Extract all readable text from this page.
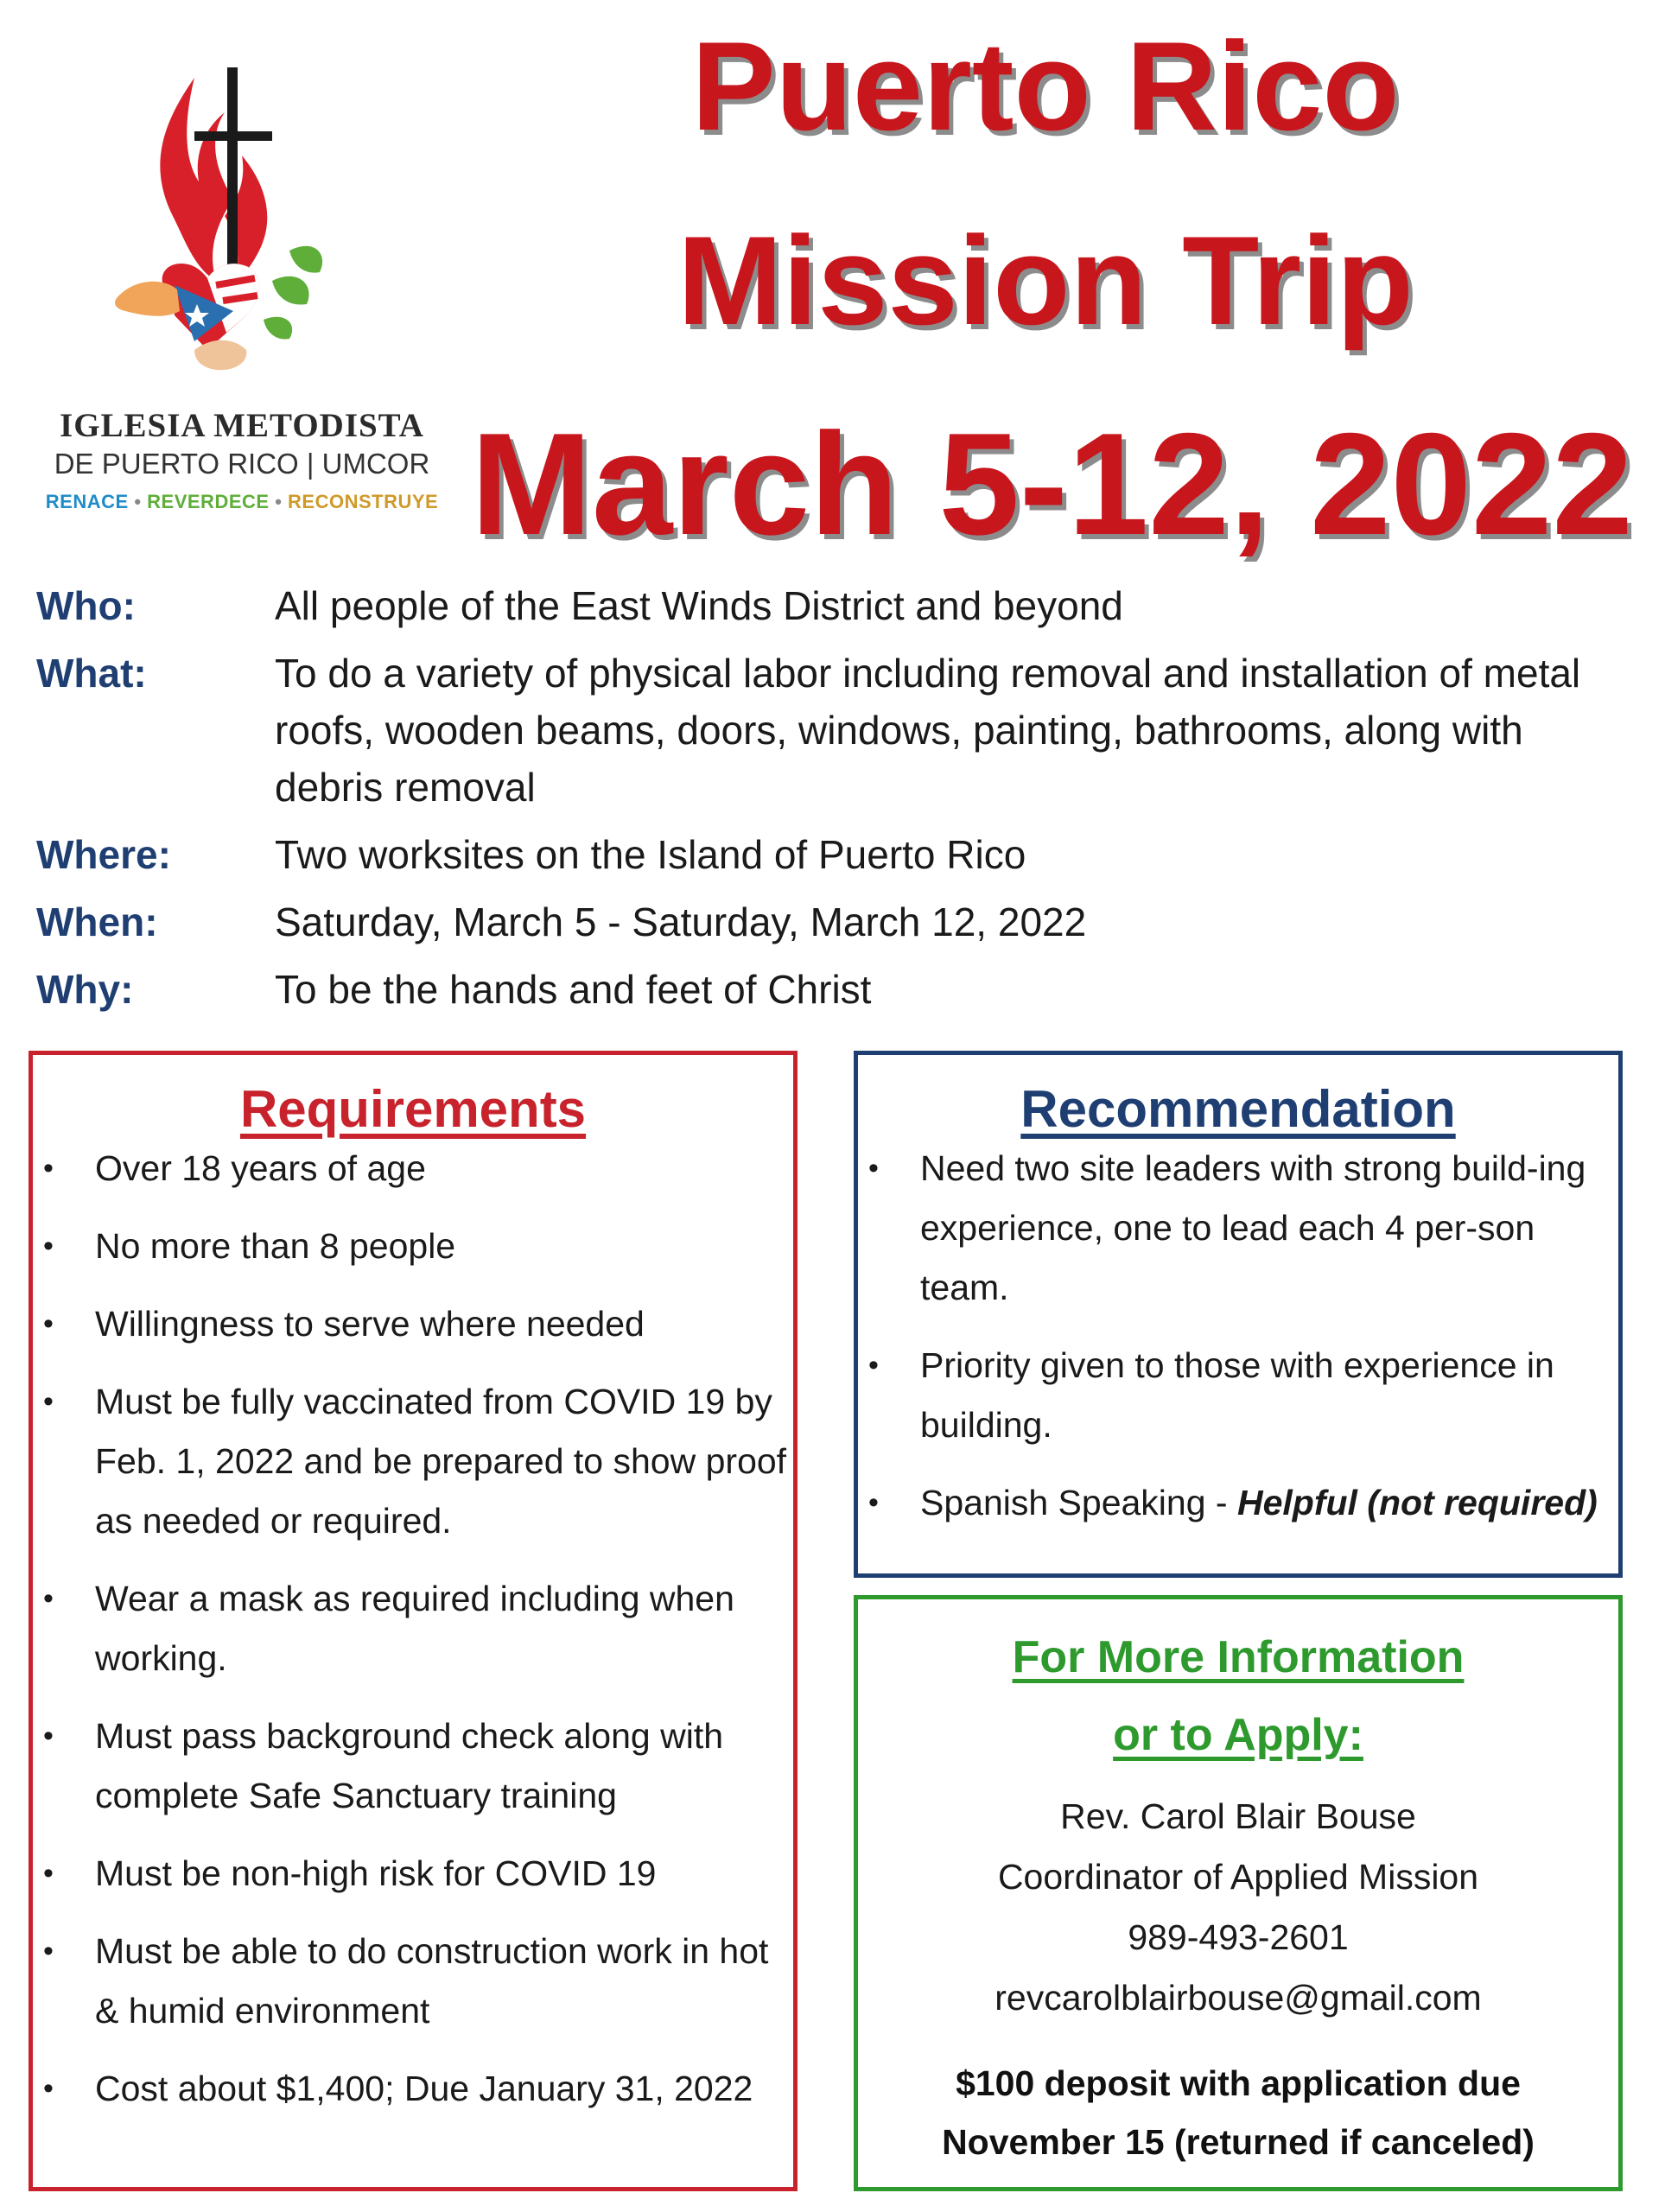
IGLESIA METODISTA
DE PUERTO RICO | UMCOR
RENACE • REVERDECE • RECONSTRUYE
Puerto Rico
Mission Trip
March 5-12, 2022
Who:	All people of the East Winds District and beyond
What:	To do a variety of physical labor including removal and installation of metal roofs, wooden beams, doors, windows, painting, bathrooms, along with debris removal
Where:	Two worksites on the Island of Puerto Rico
When:	Saturday, March 5 - Saturday, March 12, 2022
Why:	To be the hands and feet of Christ
Requirements
• Over 18 years of age
• No more than 8 people
• Willingness to serve where needed
• Must be fully vaccinated from COVID 19 by Feb. 1, 2022 and be prepared to show proof as needed or required.
• Wear a mask as required including when working.
• Must pass background check along with complete Safe Sanctuary training
• Must be non-high risk for COVID 19
• Must be able to do construction work in hot & humid environment
• Cost about $1,400; Due January 31, 2022
Recommendation
• Need two site leaders with strong build-ing experience, one to lead each 4 per-son team.
• Priority given to those with experience in building.
• Spanish Speaking - Helpful (not required)
For More Information
or to Apply:
Rev. Carol Blair Bouse
Coordinator of Applied Mission
989-493-2601
revcarolblairbouse@gmail.com
$100 deposit with application due
November 15 (returned if canceled)
